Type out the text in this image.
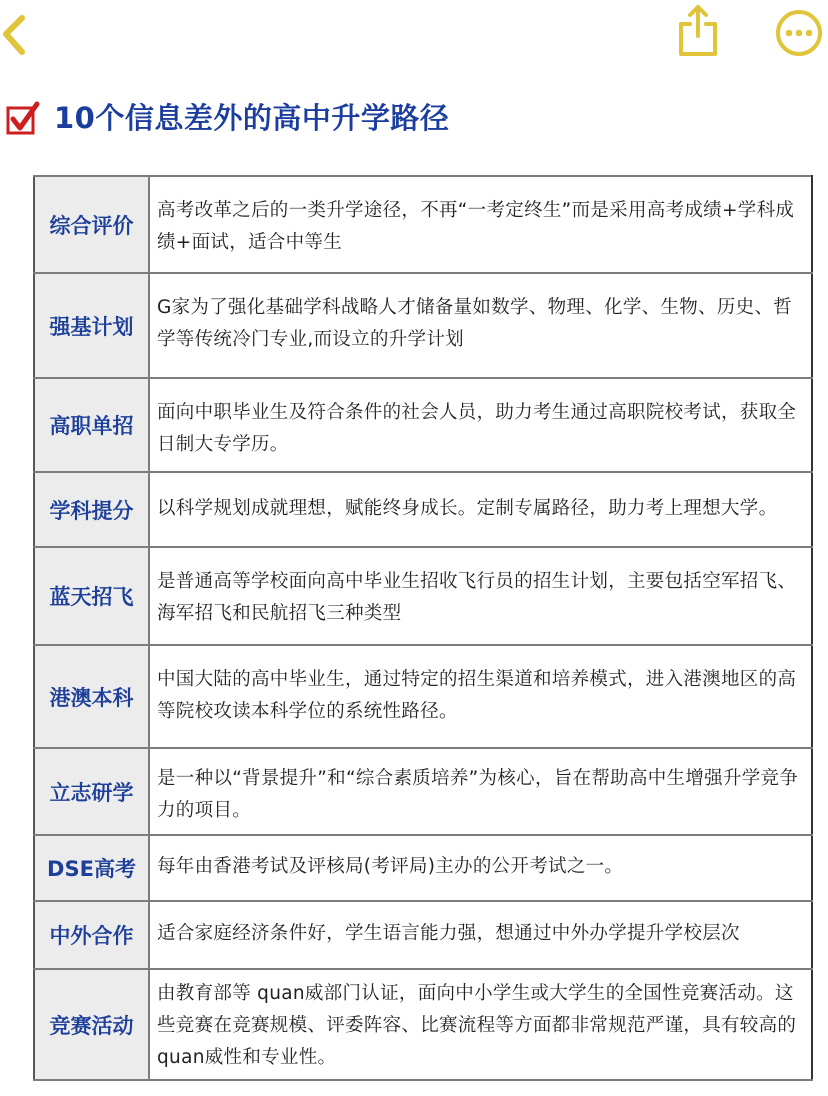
10个信息差外的高中升学路径
综合评价	高考改革之后的一类升学途径，不再“一考定终生”而是采用高考成绩+学科成绩+面试，适合中等生

强基计划	G家为了强化基础学科战略人才储备量如数学、物理、化学、生物、历史、哲学等传统冷门专业,而设立的升学计划

高职单招	面向中职毕业生及符合条件的社会人员，助力考生通过高职院校考试，获取全日制大专学历。

学科提分	以科学规划成就理想，赋能终身成长。定制专属路径，助力考上理想大学。

蓝天招飞	是普通高等学校面向高中毕业生招收飞行员的招生计划，主要包括空军招飞、海军招飞和民航招飞三种类型

港澳本科	中国大陆的高中毕业生，通过特定的招生渠道和培养模式，进入港澳地区的高等院校攻读本科学位的系统性路径。

立志研学	是一种以“背景提升”和“综合素质培养”为核心，旨在帮助高中生增强升学竞争力的项目。

DSE高考	每年由香港考试及评核局(考评局)主办的公开考试之一。

中外合作	适合家庭经济条件好，学生语言能力强，想通过中外办学提升学校层次

竞赛活动	由教育部等 quan威部门认证，面向中小学生或大学生的全国性竞赛活动。这些竞赛在竞赛规模、评委阵容、比赛流程等方面都非常规范严谨，具有较高的quan威性和专业性。
